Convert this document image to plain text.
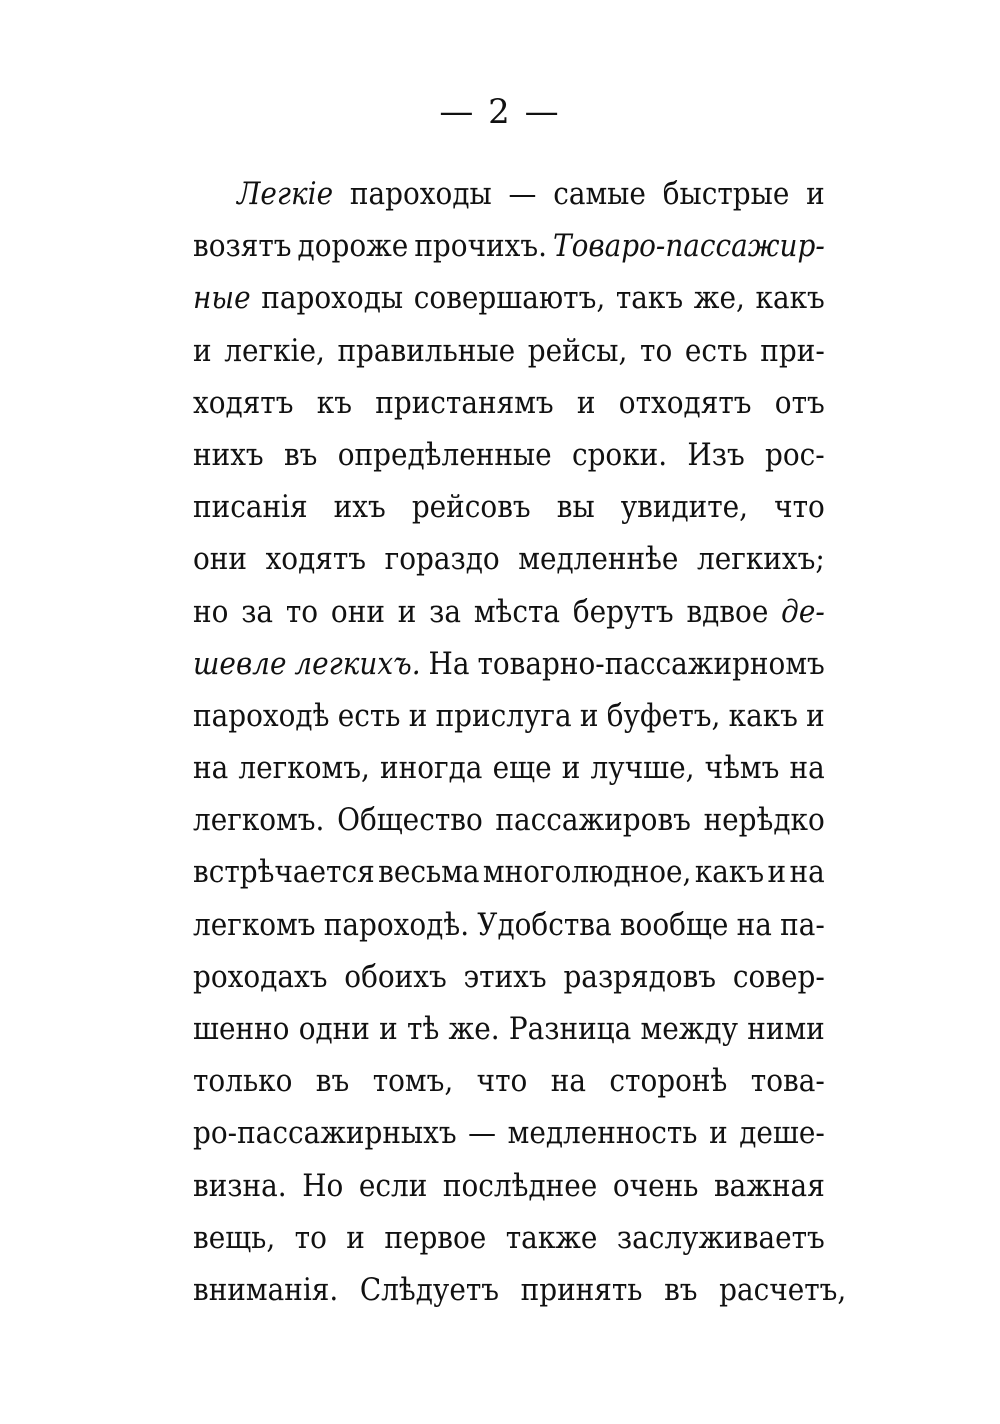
— 2 —
Легкіе пароходы — самые быстрые и
возятъ дороже прочихъ. Товаро-пассажир-
ные пароходы совершаютъ, такъ же, какъ
и легкіе, правильные рейсы, то есть при-
ходятъ къ пристанямъ и отходятъ отъ
нихъ въ опредѣленные сроки. Изъ рос-
писанія ихъ рейсовъ вы увидите, что
они ходятъ гораздо медленнѣе легкихъ;
но за то они и за мѣста берутъ вдвое де-
шевле легкихъ. На товарно-пассажирномъ
пароходѣ есть и прислуга и буфетъ, какъ и
на легкомъ, иногда еще и лучше, чѣмъ на
легкомъ. Общество пассажировъ нерѣдко
встрѣчается весьма многолюдное, какъ и на
легкомъ пароходѣ. Удобства вообще на па-
роходахъ обоихъ этихъ разрядовъ совер-
шенно одни и тѣ же. Разница между ними
только въ томъ, что на сторонѣ това-
ро-пассажирныхъ — медленность и деше-
визна. Но если послѣднее очень важная
вещь, то и первое также заслуживаетъ
вниманія. Слѣдуетъ принять въ расчетъ,
